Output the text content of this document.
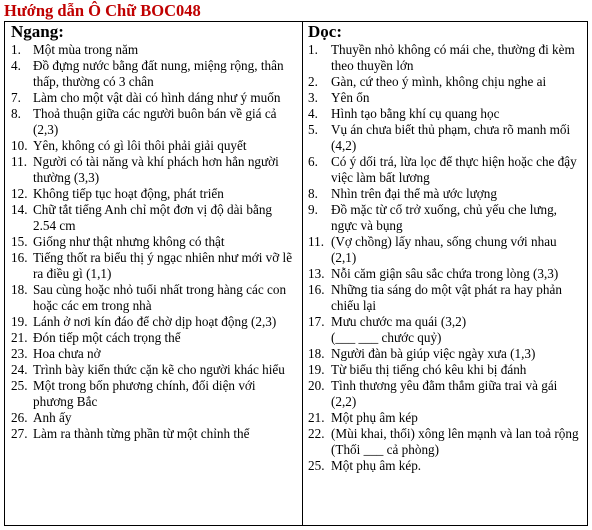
Hướng dẫn Ô Chữ BOC048
Ngang:
1. Một mùa trong năm
4. Đồ đựng nước bằng đất nung, miệng rộng, thân thấp, thường có 3 chân
7. Làm cho một vật dài có hình dáng như ý muốn
8. Thoả thuận giữa các người buôn bán về giá cả (2,3)
10. Yên, không có gì lôi thôi phải giải quyết
11. Người có tài năng và khí phách hơn hẳn người thường (3,3)
12. Không tiếp tục hoạt động, phát triển
14. Chữ tắt tiếng Anh chỉ một đơn vị độ dài bằng 2.54 cm
15. Giống như thật nhưng không có thật
16. Tiếng thốt ra biểu thị ý ngạc nhiên như mới vỡ lẽ ra điều gì (1,1)
18. Sau cùng hoặc nhỏ tuổi nhất trong hàng các con hoặc các em trong nhà
19. Lánh ở nơi kín đáo để chờ dịp hoạt động (2,3)
21. Đón tiếp một cách trọng thể
23. Hoa chưa nở
24. Trình bày kiến thức cặn kẽ cho người khác hiểu
25. Một trong bốn phương chính, đối diện với phương Bắc
26. Anh ấy
27. Làm ra thành từng phần từ một chỉnh thể
Dọc:
1. Thuyền nhỏ không có mái che, thường đi kèm theo thuyền lớn
2. Gàn, cứ theo ý mình, không chịu nghe ai
3. Yên ổn
4. Hình tạo bằng khí cụ quang học
5. Vụ án chưa biết thủ phạm, chưa rõ manh mối (4,2)
6. Có ý dối trá, lừa lọc để thực hiện hoặc che đậy việc làm bất lương
8. Nhìn trên đại thể mà ước lượng
9. Đồ mặc từ cổ trở xuống, chủ yếu che lưng, ngực và bụng
11. (Vợ chồng) lấy nhau, sống chung với nhau (2,1)
13. Nỗi căm giận sâu sắc chứa trong lòng (3,3)
16. Những tia sáng do một vật phát ra hay phản chiếu lại
17. Mưu chước ma quái (3,2)
(___ ___ chước quỷ)
18. Người đàn bà giúp việc ngày xưa (1,3)
19. Từ biểu thị tiếng chó kêu khi bị đánh
20. Tình thương yêu đằm thắm giữa trai và gái (2,2)
21. Một phụ âm kép
22. (Mùi khai, thối) xông lên mạnh và lan toả rộng (Thối ___ cả phòng)
25. Một phụ âm kép.
